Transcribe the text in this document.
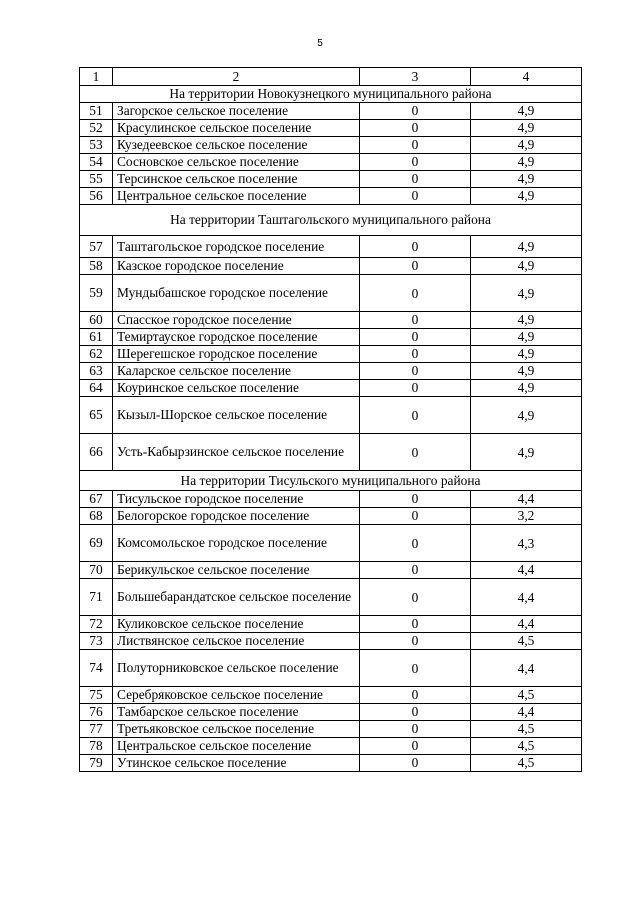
5
1	2	3	4
На территории Новокузнецкого муниципального района			
51	Загорское сельское поселение	0	4,9
52	Красулинское сельское поселение	0	4,9
53	Кузедеевское сельское поселение	0	4,9
54	Сосновское сельское поселение	0	4,9
55	Терсинское сельское поселение	0	4,9
56	Центральное сельское поселение	0	4,9
На территории Таштагольского муниципального района			
57	Таштагольское городское поселение	0	4,9
58	Казское городское поселение	0	4,9
59	Мундыбашское городское поселение	0	4,9
60	Спасское городское поселение	0	4,9
61	Темиртауское городское поселение	0	4,9
62	Шерегешское городское поселение	0	4,9
63	Каларское сельское поселение	0	4,9
64	Коуринское сельское поселение	0	4,9
65	Кызыл-Шорское сельское поселение	0	4,9
66	Усть-Кабырзинское сельское поселение	0	4,9
На территории Тисульского муниципального района			
67	Тисульское городское поселение	0	4,4
68	Белогорское городское поселение	0	3,2
69	Комсомольское городское поселение	0	4,3
70	Берикульское сельское поселение	0	4,4
71	Большебарандатское сельское поселение	0	4,4
72	Куликовское сельское поселение	0	4,4
73	Листвянское сельское поселение	0	4,5
74	Полуторниковское сельское поселение	0	4,4
75	Серебряковское сельское поселение	0	4,5
76	Тамбарское сельское поселение	0	4,4
77	Третьяковское сельское поселение	0	4,5
78	Центральское сельское поселение	0	4,5
79	Утинское сельское поселение	0	4,5
